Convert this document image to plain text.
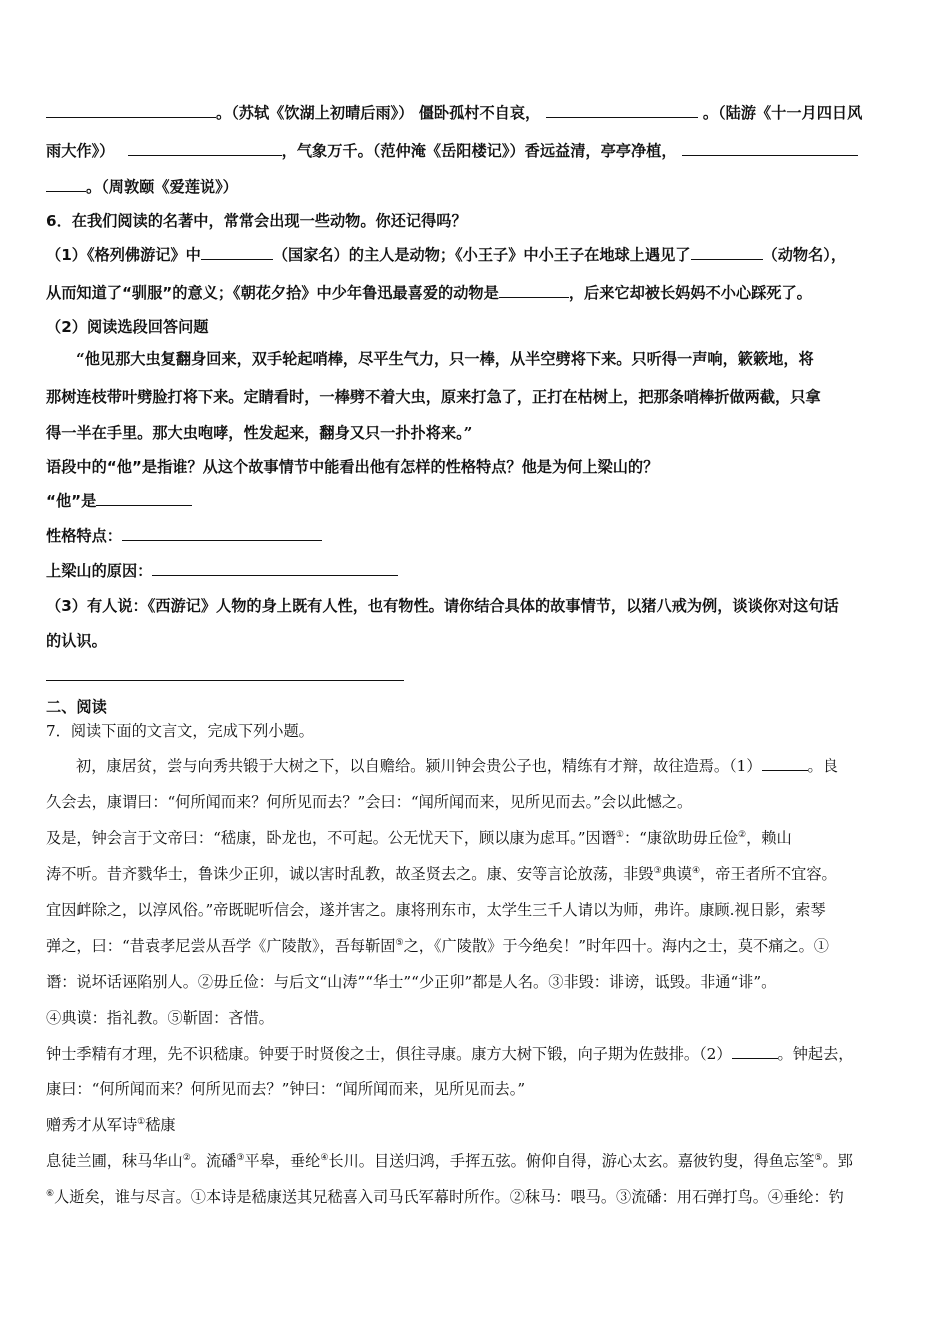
。（苏轼《饮湖上初晴后雨》） 僵卧孤村不自哀，	。（陆游《十一月四日风
雨大作》）	，气象万千。（范仲淹《岳阳楼记》）香远益清，亭亭净植，
。（周敦颐《爱莲说》）
6．在我们阅读的名著中，常常会出现一些动物。你还记得吗？
（1）《格列佛游记》中	（国家名）的主人是动物；《小王子》中小王子在地球上遇见了	（动物名），
从而知道了“驯服”的意义；《朝花夕拾》中少年鲁迅最喜爱的动物是	，后来它却被长妈妈不小心踩死了。
（2）阅读选段回答问题
“他见那大虫复翻身回来，双手轮起哨棒，尽平生气力，只一棒，从半空劈将下来。只听得一声响，簌簌地，将
那树连枝带叶劈脸打将下来。定睛看时，一棒劈不着大虫，原来打急了，正打在枯树上，把那条哨棒折做两截，只拿
得一半在手里。那大虫咆哮，性发起来，翻身又只一扑扑将来。”
语段中的“他”是指谁？从这个故事情节中能看出他有怎样的性格特点？他是为何上梁山的？
“他”是
性格特点：
上梁山的原因：
（3）有人说：《西游记》人物的身上既有人性，也有物性。请你结合具体的故事情节，以猪八戒为例，谈谈你对这句话
的认识。
二、阅读
7．阅读下面的文言文，完成下列小题。
初，康居贫，尝与向秀共锻于大树之下，以自赡给。颍川钟会贵公子也，精练有才辩，故往造焉。（1）	。良
久会去，康谓曰：“何所闻而来？何所见而去？”会曰：“闻所闻而来，见所见而去。”会以此憾之。
及是，钟会言于文帝曰：“嵇康，卧龙也，不可起。公无忧天下，顾以康为虑耳。”因谮①：“康欲助毋丘俭②，赖山
涛不听。昔齐戮华士，鲁诛少正卯，诚以害时乱教，故圣贤去之。康、安等言论放荡，非毁③典谟④，帝王者所不宜容。
宜因衅除之，以淳风俗。”帝既昵听信会，遂并害之。康将刑东市，太学生三千人请以为师，弗许。康顾.视日影，索琴
弹之，曰：“昔袁孝尼尝从吾学《广陵散》，吾每靳固⑤之，《广陵散》于今绝矣！”时年四十。海内之士，莫不痛之。①
谮：说坏话诬陷别人。②毋丘俭：与后文“山涛”“华士”“少正卯”都是人名。③非毁：诽谤，诋毁。非通“诽”。
④典谟：指礼教。⑤靳固：吝惜。
钟士季精有才理，先不识嵇康。钟要于时贤俊之士，俱往寻康。康方大树下锻，向子期为佐鼓排。（2）	。钟起去，
康曰：“何所闻而来？何所见而去？”钟曰：“闻所闻而来，见所见而去。”
赠秀才从军诗①嵇康
息徒兰圃，秣马华山②。流磻③平皋，垂纶④长川。目送归鸿，手挥五弦。俯仰自得，游心太玄。嘉彼钓叟，得鱼忘筌⑤。郢
⑥人逝矣，谁与尽言。①本诗是嵇康送其兄嵇喜入司马氏军幕时所作。②秣马：喂马。③流磻：用石弹打鸟。④垂纶：钓
